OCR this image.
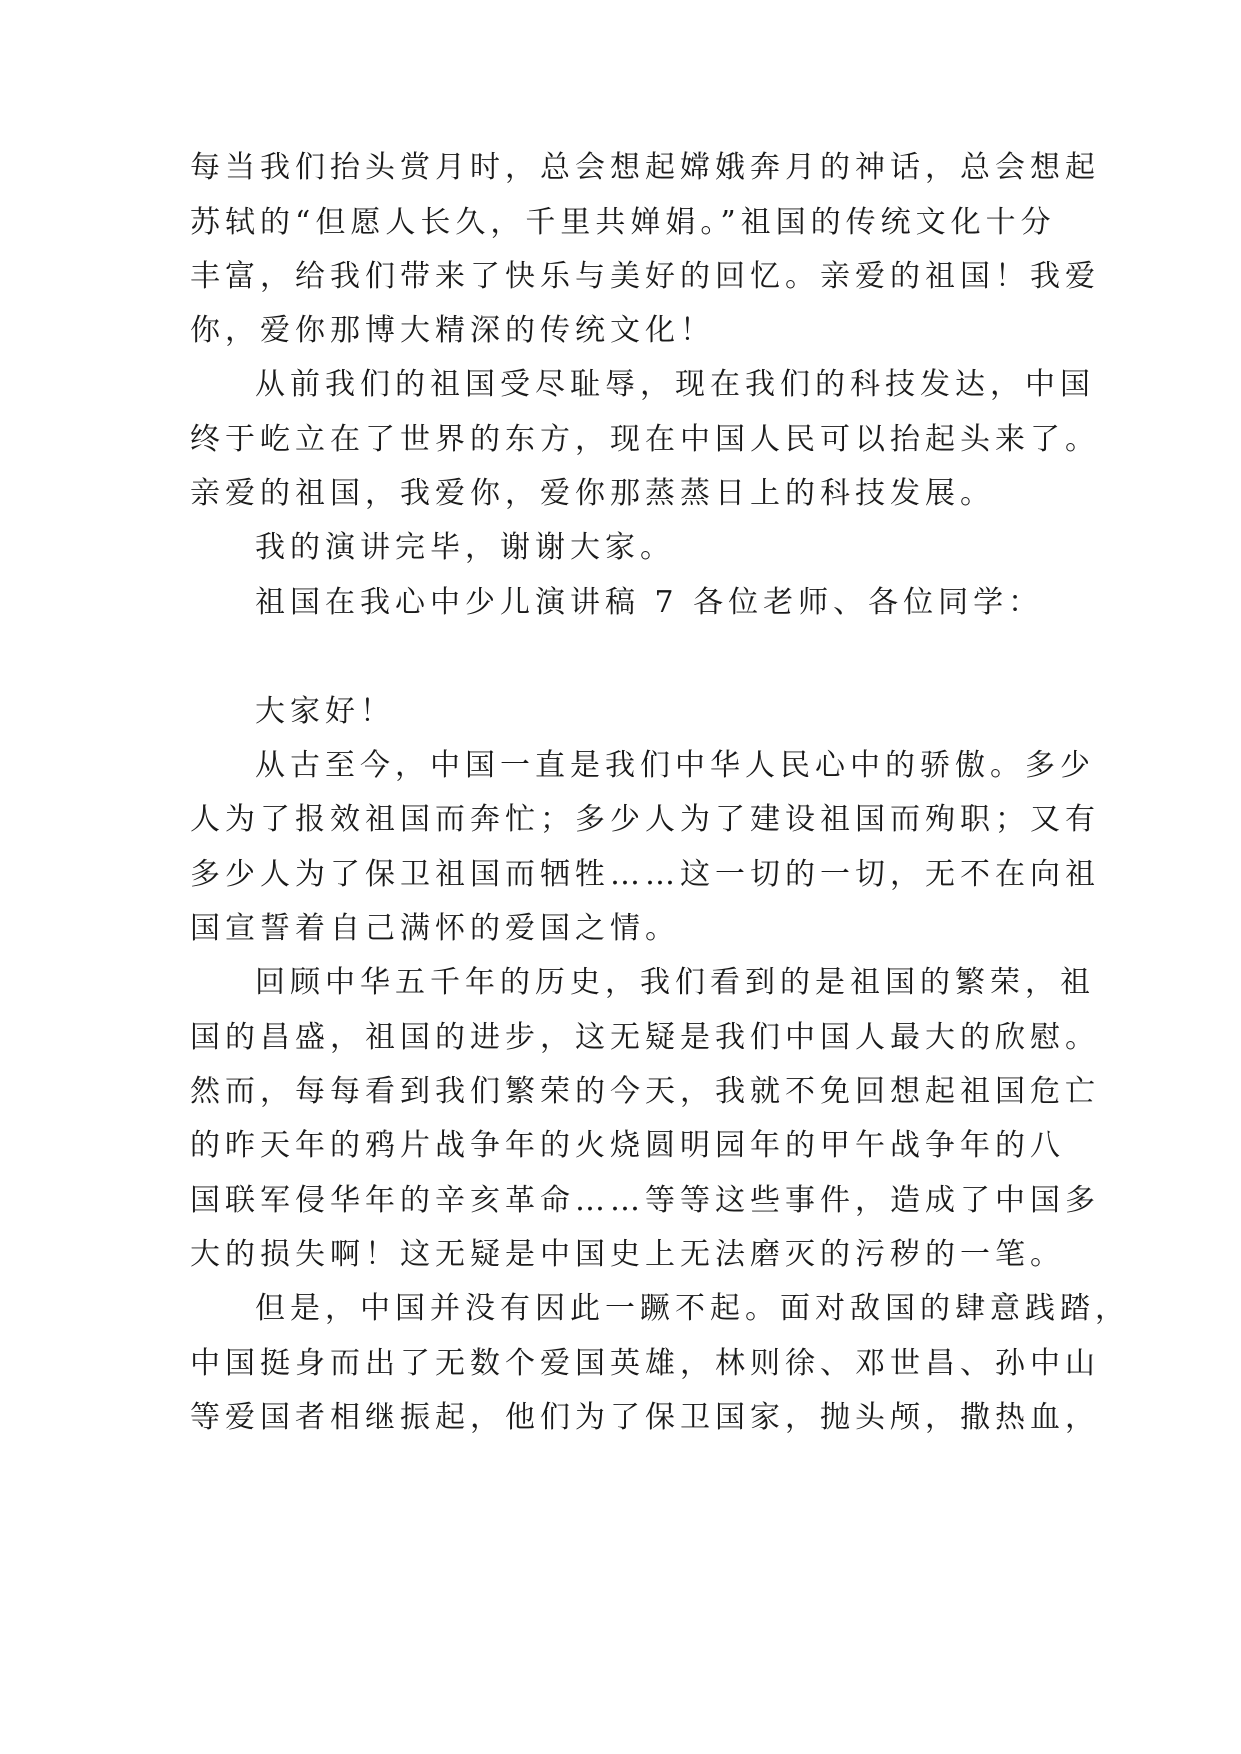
每当我们抬头赏月时，总会想起嫦娥奔月的神话，总会想起
苏轼的“但愿人长久，千里共婵娟。”祖国的传统文化十分
丰富，给我们带来了快乐与美好的回忆。亲爱的祖国！我爱
你，爱你那博大精深的传统文化！
从前我们的祖国受尽耻辱，现在我们的科技发达，中国
终于屹立在了世界的东方，现在中国人民可以抬起头来了。
亲爱的祖国，我爱你，爱你那蒸蒸日上的科技发展。
我的演讲完毕，谢谢大家。
祖国在我心中少儿演讲稿 7 各位老师、各位同学：
大家好！
从古至今，中国一直是我们中华人民心中的骄傲。多少
人为了报效祖国而奔忙；多少人为了建设祖国而殉职；又有
多少人为了保卫祖国而牺牲……这一切的一切，无不在向祖
国宣誓着自己满怀的爱国之情。
回顾中华五千年的历史，我们看到的是祖国的繁荣，祖
国的昌盛，祖国的进步，这无疑是我们中国人最大的欣慰。
然而，每每看到我们繁荣的今天，我就不免回想起祖国危亡
的昨天年的鸦片战争年的火烧圆明园年的甲午战争年的八
国联军侵华年的辛亥革命……等等这些事件，造成了中国多
大的损失啊！这无疑是中国史上无法磨灭的污秽的一笔。
但是，中国并没有因此一蹶不起。面对敌国的肆意践踏，
中国挺身而出了无数个爱国英雄，林则徐、邓世昌、孙中山
等爱国者相继振起，他们为了保卫国家，抛头颅，撒热血，
